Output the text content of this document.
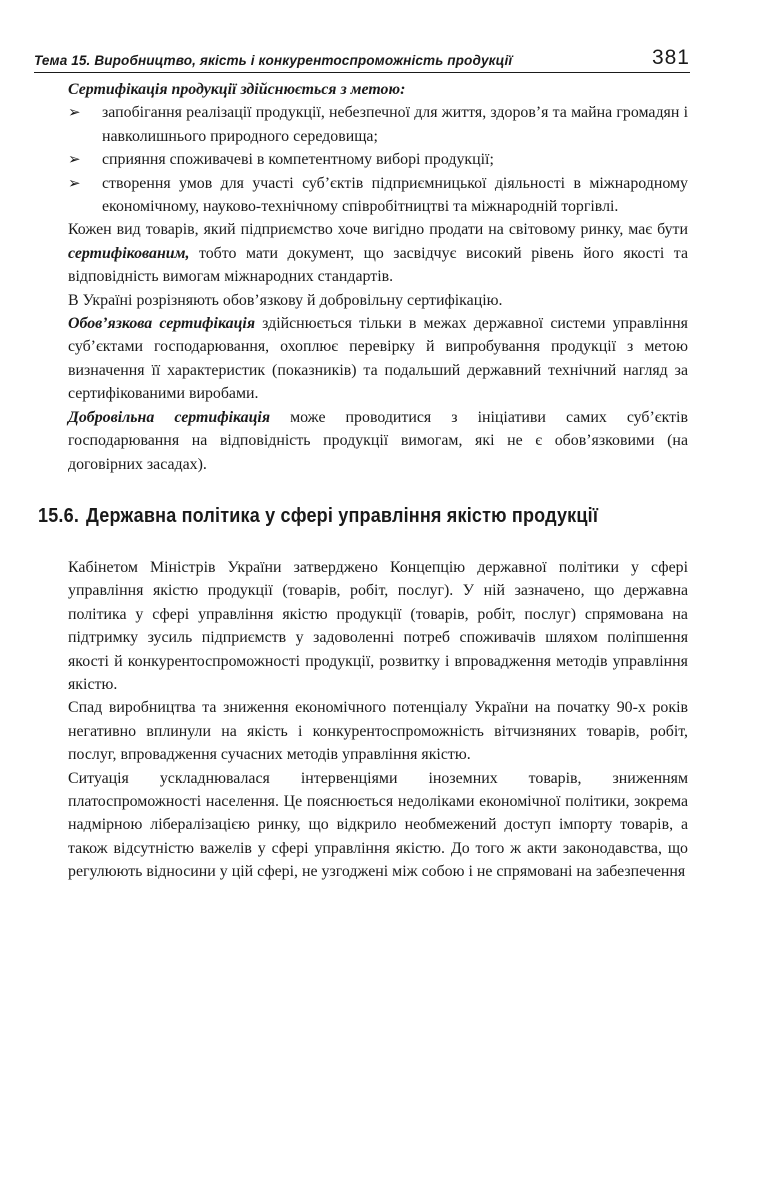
Тема 15. Виробництво, якість і конкурентоспроможність продукції	381

Сертифікація продукції здійснюється з метою:

➢ запобігання реалізації продукції, небезпечної для життя, здоров’я та майна громадян і навколишнього природного середовища;
➢ сприяння споживачеві в компетентному виборі продукції;
➢ створення умов для участі суб’єктів підприємницької діяльності в міжнародному економічному, науково-технічному співробітництві та міжнародній торгівлі.

Кожен вид товарів, який підприємство хоче вигідно продати на світовому ринку, має бути сертифікованим, тобто мати документ, що засвідчує високий рівень його якості та відповідність вимогам міжнародних стандартів.

В Україні розрізняють обов’язкову й добровільну сертифікацію.

Обов’язкова сертифікація здійснюється тільки в межах державної системи управління суб’єктами господарювання, охоплює перевірку й випробування продукції з метою визначення її характеристик (показників) та подальший державний технічний нагляд за сертифікованими виробами.

Добровільна сертифікація може проводитися з ініціативи самих суб’єктів господарювання на відповідність продукції вимогам, які не є обов’язковими (на договірних засадах).

15.6. Державна політика у сфері управління якістю продукції

Кабінетом Міністрів України затверджено Концепцію державної політики у сфері управління якістю продукції (товарів, робіт, послуг). У ній зазначено, що державна політика у сфері управління якістю продукції (товарів, робіт, послуг) спрямована на підтримку зусиль підприємств у задоволенні потреб споживачів шляхом поліпшення якості й конкурентоспроможності продукції, розвитку і впровадження методів управління якістю.

Спад виробництва та зниження економічного потенціалу України на початку 90-х років негативно вплинули на якість і конкурентоспроможність вітчизняних товарів, робіт, послуг, впровадження сучасних методів управління якістю.

Ситуація ускладнювалася інтервенціями іноземних товарів, зниженням платоспроможності населення. Це пояснюється недоліками економічної політики, зокрема надмірною лібералізацією ринку, що відкрило необмежений доступ імпорту товарів, а також відсутністю важелів у сфері управління якістю. До того ж акти законодавства, що регулюють відносини у цій сфері, не узгоджені між собою і не спрямовані на забезпечення
